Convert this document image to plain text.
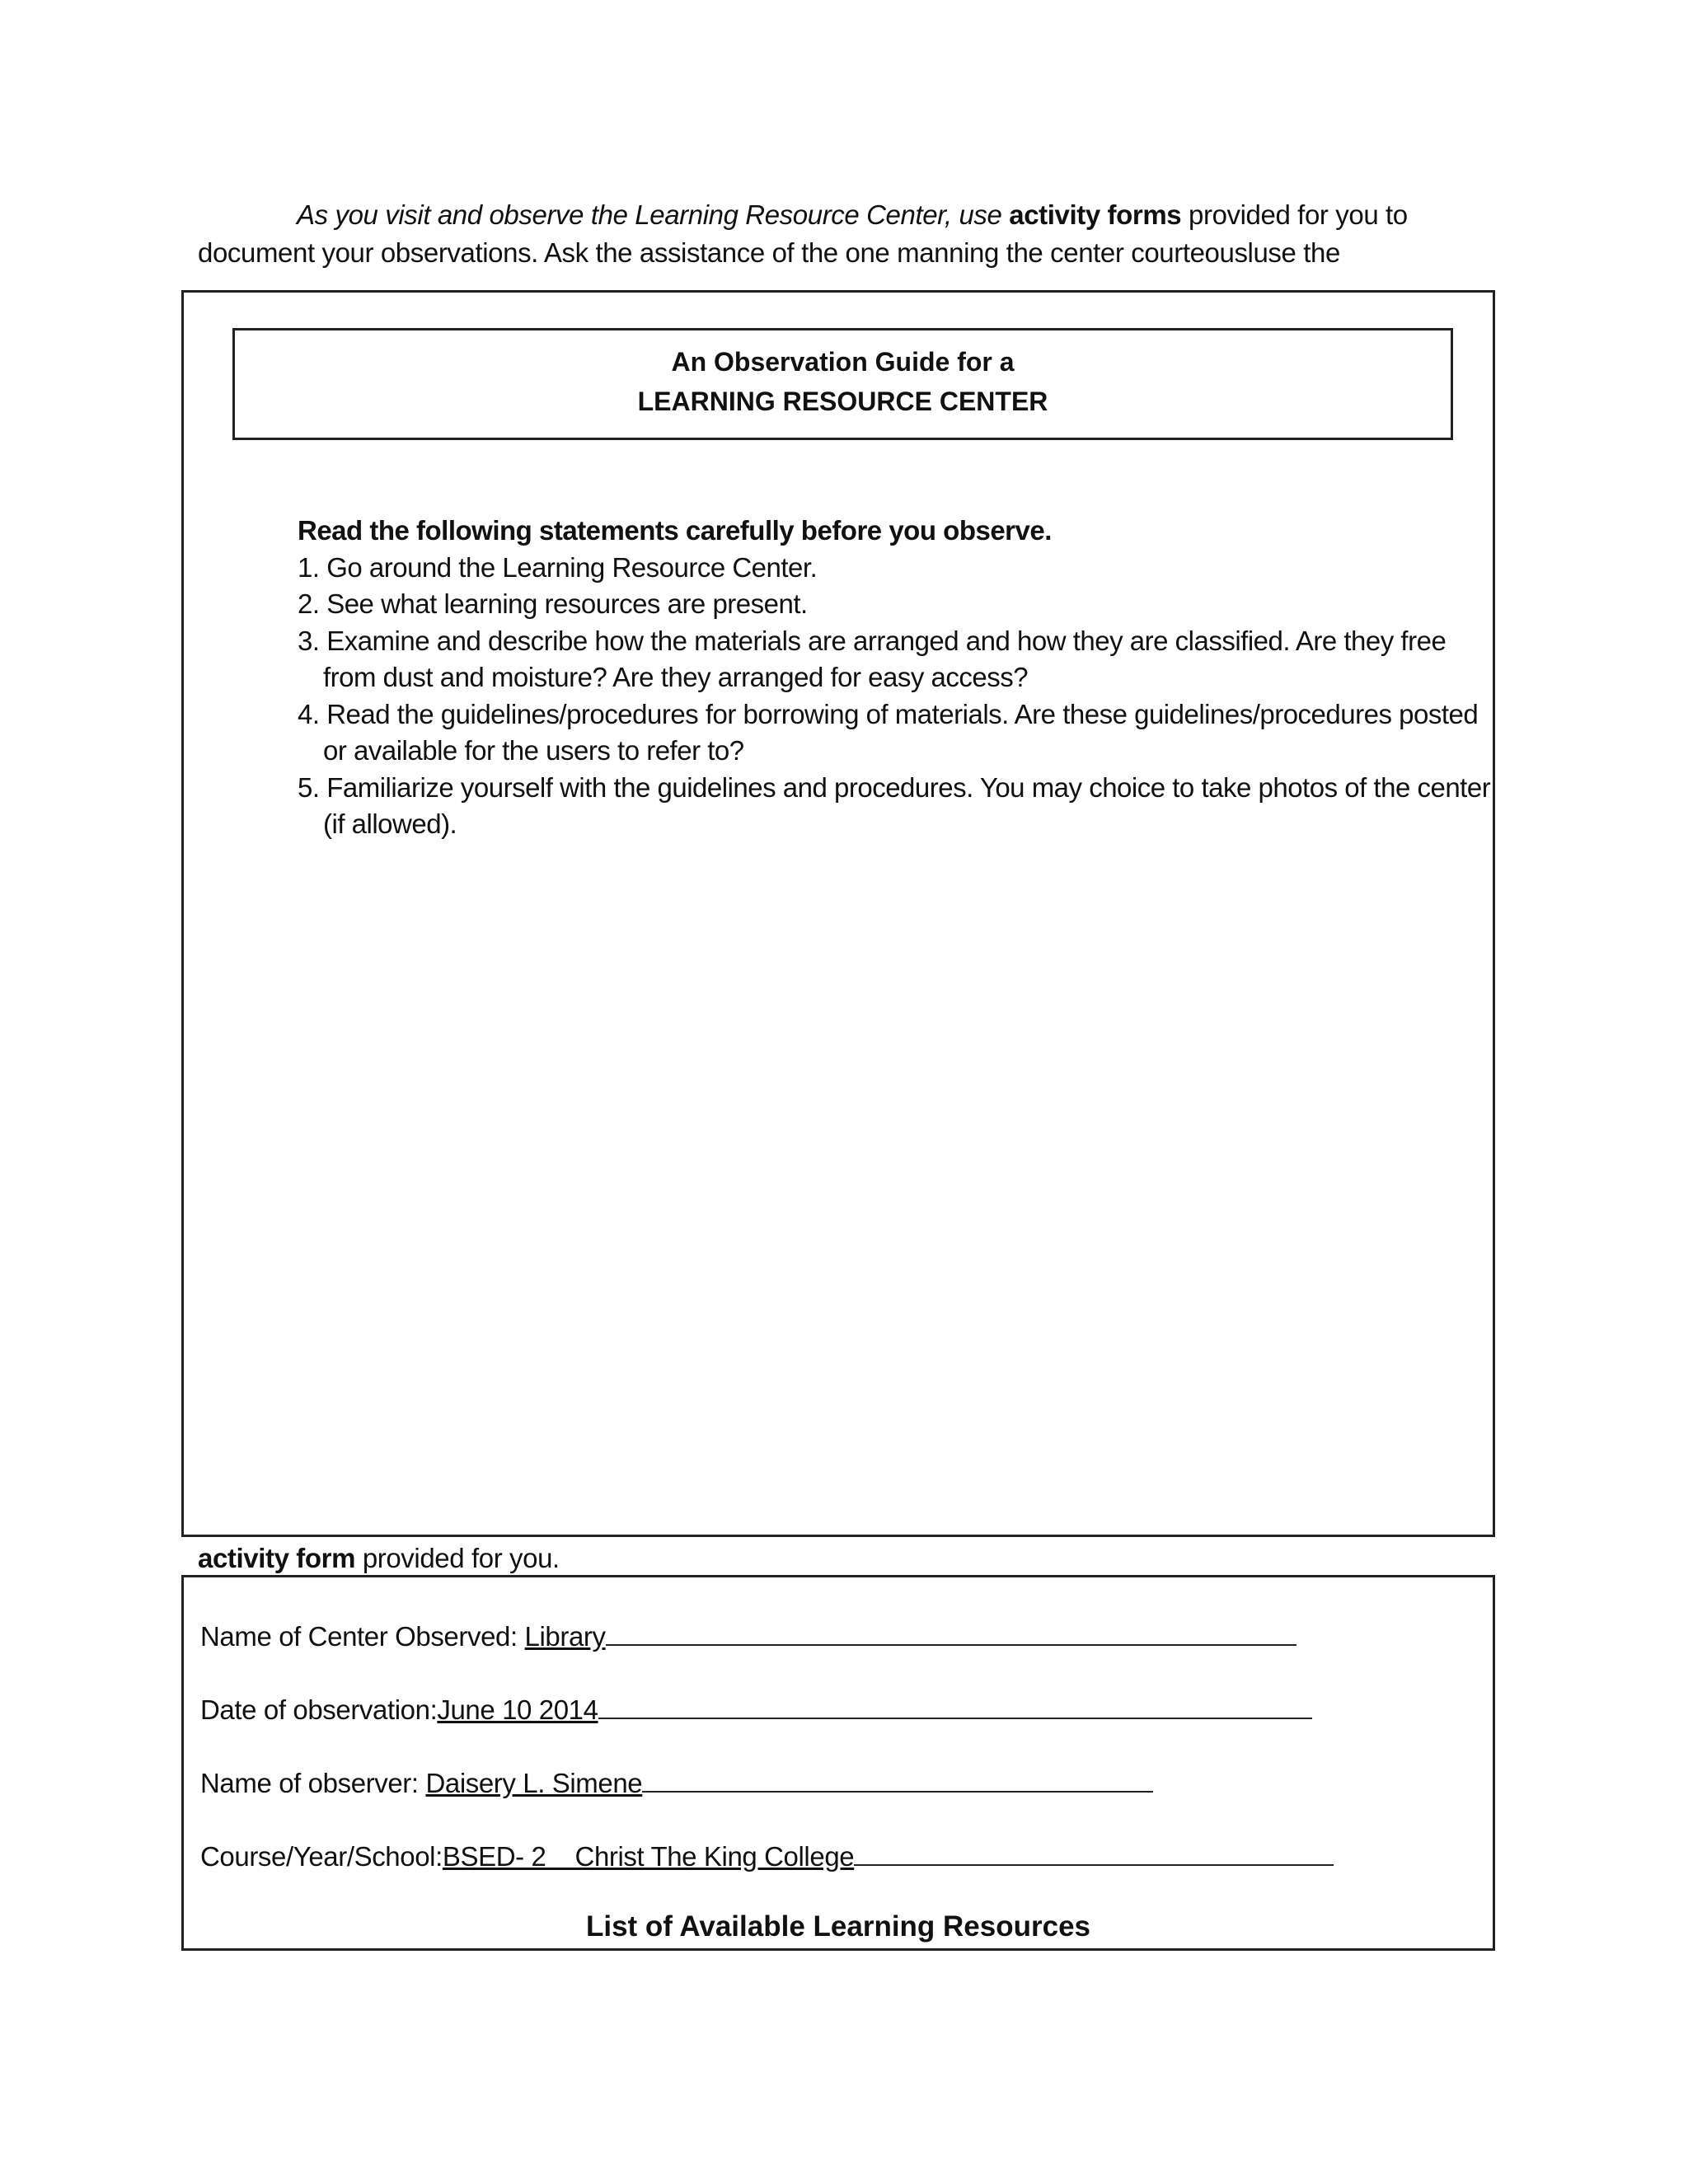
As you visit and observe the Learning Resource Center, use activity forms provided for you to
document your observations. Ask the assistance of the one manning the center courteousluse the
An Observation Guide for a
LEARNING RESOURCE CENTER
Read the following statements carefully before you observe.
1. Go around the Learning Resource Center.
2. See what learning resources are present.
3. Examine and describe how the materials are arranged and how they are classified. Are they free from dust and moisture? Are they arranged for easy access?
4. Read the guidelines/procedures for borrowing of materials. Are these guidelines/procedures posted or available for the users to refer to?
5. Familiarize yourself with the guidelines and procedures. You may choice to take photos of the center (if allowed).
activity form provided for you.
Name of Center Observed: Library
Date of observation:June 10 2014
Name of observer: Daisery L. Simene
Course/Year/School:BSED- 2    Christ The King College
List of Available Learning Resources
